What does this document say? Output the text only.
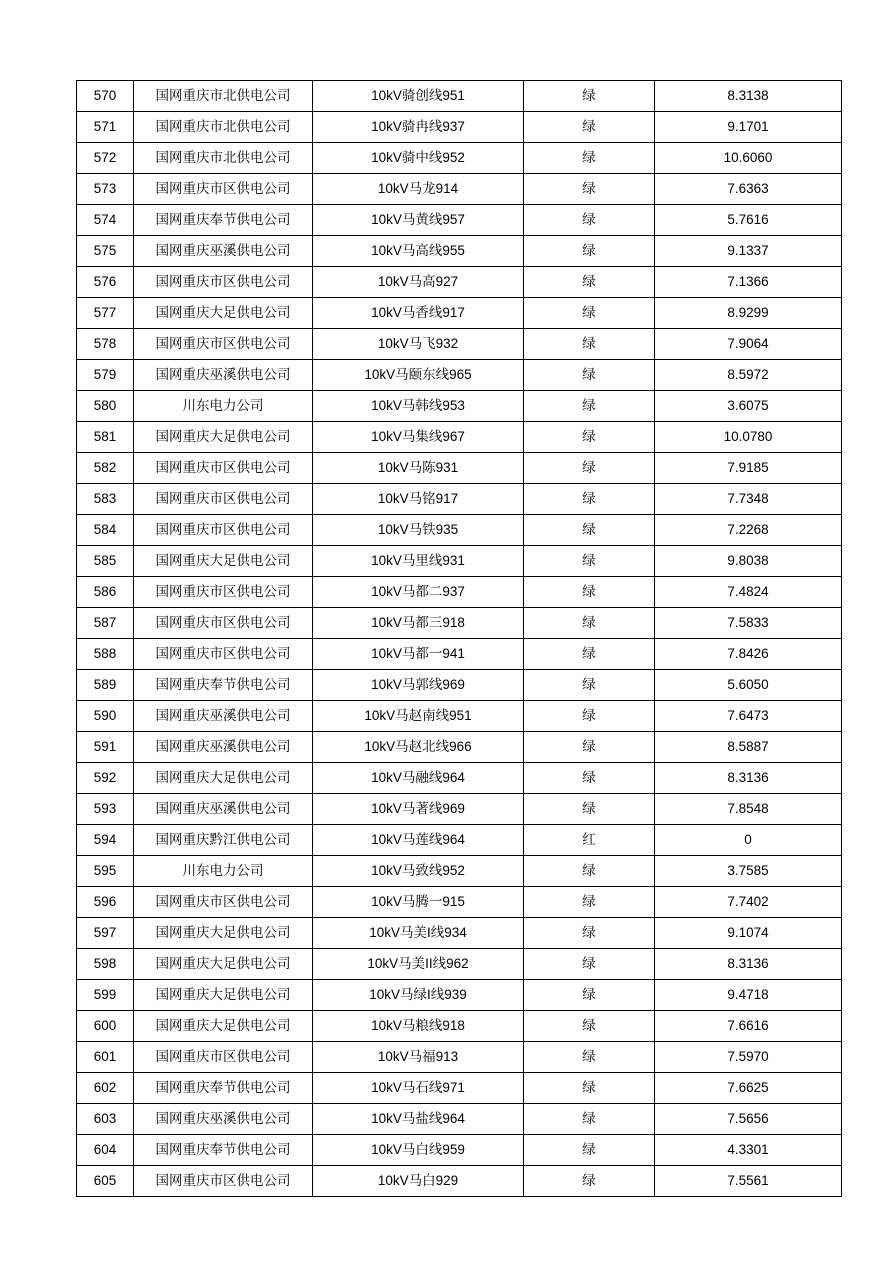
570	国网重庆市北供电公司	10kV骑创线951	绿	8.3138
571	国网重庆市北供电公司	10kV骑冉线937	绿	9.1701
572	国网重庆市北供电公司	10kV骑中线952	绿	10.6060
573	国网重庆市区供电公司	10kV马龙914	绿	7.6363
574	国网重庆奉节供电公司	10kV马黄线957	绿	5.7616
575	国网重庆巫溪供电公司	10kV马高线955	绿	9.1337
576	国网重庆市区供电公司	10kV马高927	绿	7.1366
577	国网重庆大足供电公司	10kV马香线917	绿	8.9299
578	国网重庆市区供电公司	10kV马飞932	绿	7.9064
579	国网重庆巫溪供电公司	10kV马颐东线965	绿	8.5972
580	川东电力公司	10kV马韩线953	绿	3.6075
581	国网重庆大足供电公司	10kV马集线967	绿	10.0780
582	国网重庆市区供电公司	10kV马陈931	绿	7.9185
583	国网重庆市区供电公司	10kV马铭917	绿	7.7348
584	国网重庆市区供电公司	10kV马铁935	绿	7.2268
585	国网重庆大足供电公司	10kV马里线931	绿	9.8038
586	国网重庆市区供电公司	10kV马都二937	绿	7.4824
587	国网重庆市区供电公司	10kV马都三918	绿	7.5833
588	国网重庆市区供电公司	10kV马都一941	绿	7.8426
589	国网重庆奉节供电公司	10kV马郭线969	绿	5.6050
590	国网重庆巫溪供电公司	10kV马赵南线951	绿	7.6473
591	国网重庆巫溪供电公司	10kV马赵北线966	绿	8.5887
592	国网重庆大足供电公司	10kV马融线964	绿	8.3136
593	国网重庆巫溪供电公司	10kV马著线969	绿	7.8548
594	国网重庆黔江供电公司	10kV马莲线964	红	0
595	川东电力公司	10kV马致线952	绿	3.7585
596	国网重庆市区供电公司	10kV马腾一915	绿	7.7402
597	国网重庆大足供电公司	10kV马美I线934	绿	9.1074
598	国网重庆大足供电公司	10kV马美II线962	绿	8.3136
599	国网重庆大足供电公司	10kV马绿I线939	绿	9.4718
600	国网重庆大足供电公司	10kV马粮线918	绿	7.6616
601	国网重庆市区供电公司	10kV马福913	绿	7.5970
602	国网重庆奉节供电公司	10kV马石线971	绿	7.6625
603	国网重庆巫溪供电公司	10kV马盐线964	绿	7.5656
604	国网重庆奉节供电公司	10kV马白线959	绿	4.3301
605	国网重庆市区供电公司	10kV马白929	绿	7.5561
